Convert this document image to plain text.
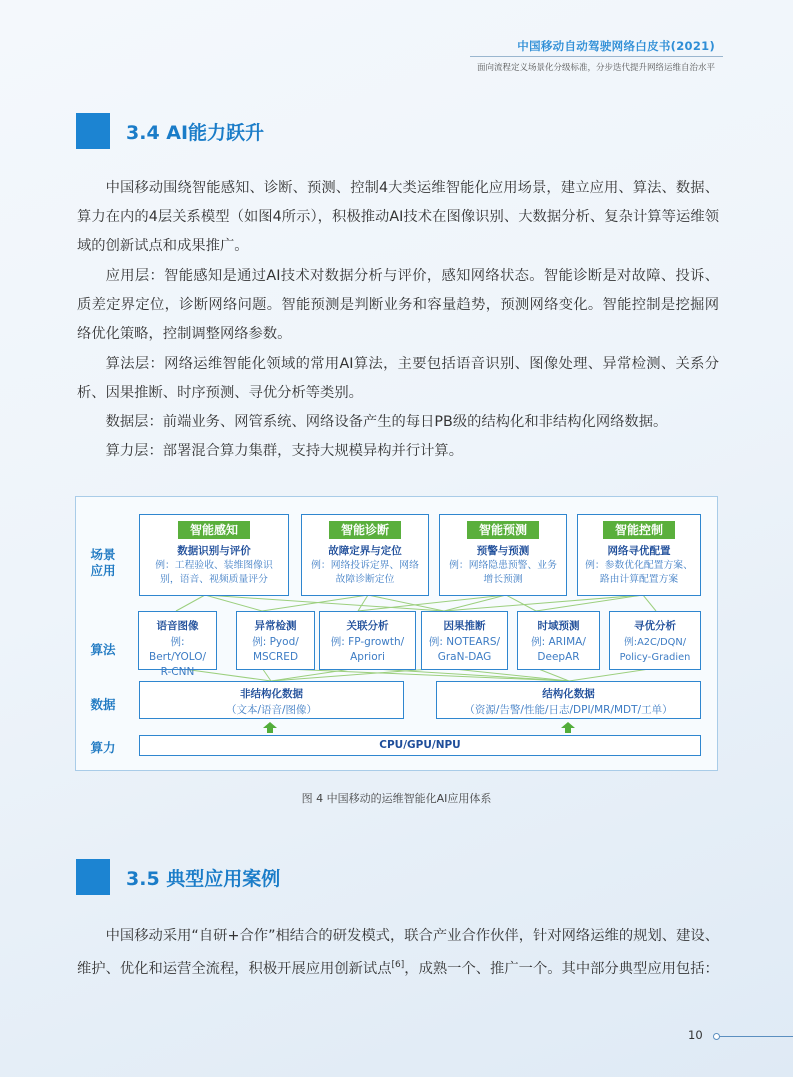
中国移动自动驾驶网络白皮书(2021)
面向流程定义场景化分级标准，分步迭代提升网络运维自治水平
3.4 AI能力跃升

中国移动围绕智能感知、诊断、预测、控制4大类运维智能化应用场景，建立应用、算法、数据、算力在内的4层关系模型（如图4所示），积极推动AI技术在图像识别、大数据分析、复杂计算等运维领域的创新试点和成果推广。

应用层：智能感知是通过AI技术对数据分析与评价，感知网络状态。智能诊断是对故障、投诉、质差定界定位，诊断网络问题。智能预测是判断业务和容量趋势，预测网络变化。智能控制是挖掘网络优化策略，控制调整网络参数。

算法层：网络运维智能化领域的常用AI算法，主要包括语音识别、图像处理、异常检测、关系分析、因果推断、时序预测、寻优分析等类别。

数据层：前端业务、网管系统、网络设备产生的每日PB级的结构化和非结构化网络数据。

算力层：部署混合算力集群，支持大规模异构并行计算。

场景
应用
算法
数据
算力
智能感知
数据识别与评价
例：工程验收、装维图像识别，语音、视频质量评分
智能诊断
故障定界与定位
例：网络投诉定界、网络故障诊断定位
智能预测
预警与预测
例：网络隐患预警、业务增长预测
智能控制
网络寻优配置
例：参数优化配置方案、路由计算配置方案
语音图像
例: Bert/YOLO/
R-CNN
异常检测
例: Pyod/
MSCRED
关联分析
例: FP-growth/
Apriori
因果推断
例: NOTEARS/
GraN-DAG
时域预测
例: ARIMA/
DeepAR
寻优分析
例:A2C/DQN/
Policy-Gradien
非结构化数据
（文本/语音/图像）
结构化数据
（资源/告警/性能/日志/DPI/MR/MDT/工单）
CPU/GPU/NPU
图 4 中国移动的运维智能化AI应用体系
3.5 典型应用案例

中国移动采用“自研+合作”相结合的研发模式，联合产业合作伙伴，针对网络运维的规划、建设、维护、优化和运营全流程，积极开展应用创新试点[6]，成熟一个、推广一个。其中部分典型应用包括：

10
